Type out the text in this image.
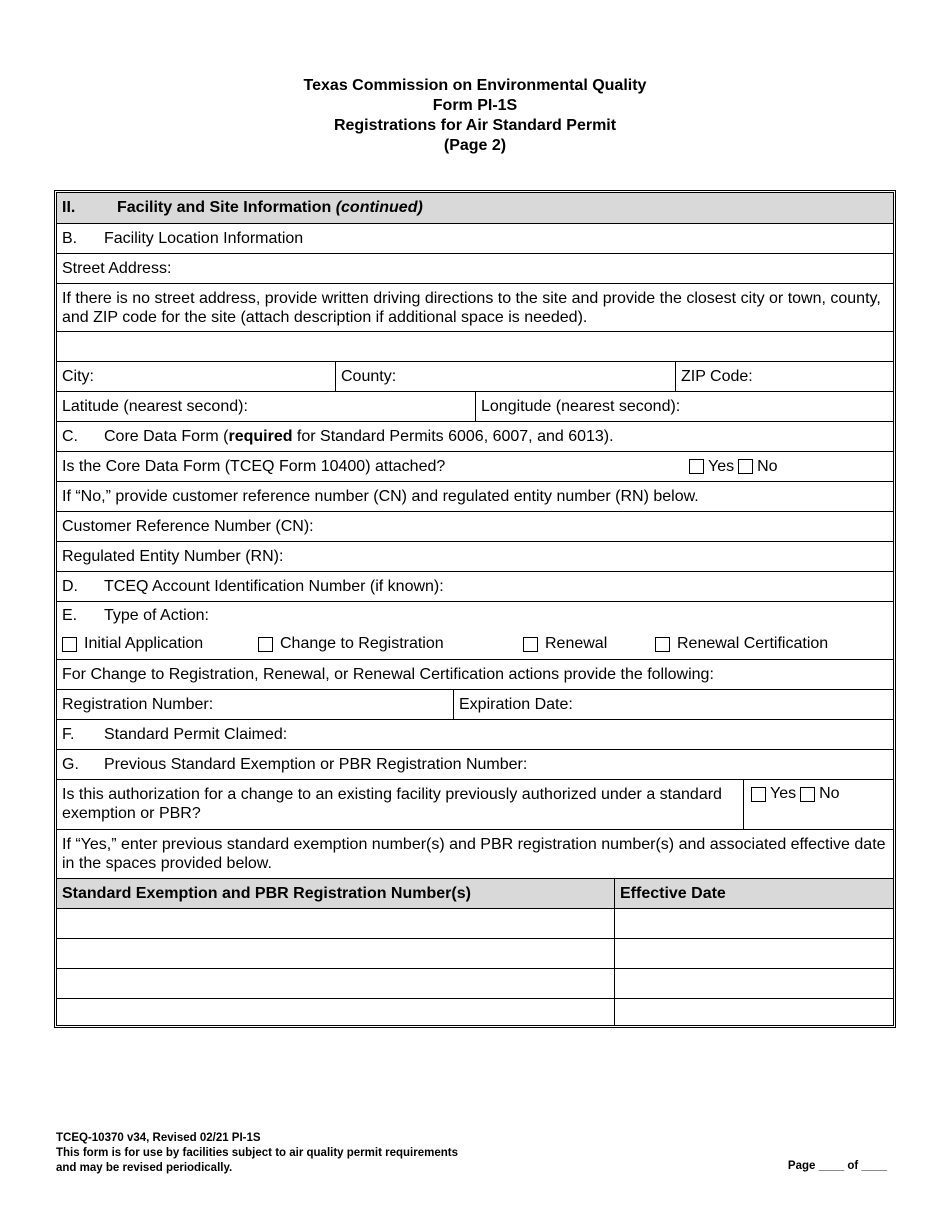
Texas Commission on Environmental Quality
Form PI-1S
Registrations for Air Standard Permit
(Page 2)
II.	Facility and Site Information
(continued)
B.	Facility Location Information
Street Address:
If there is no street address, provide written driving directions to the site and provide the closest city or town, county, and ZIP code for the site (attach description if additional space is needed).
City:	County:	ZIP Code:
Latitude (nearest second):	Longitude (nearest second):
C.	Core Data Form ( required for Standard Permits 6006, 6007, and 6013).
Is the Core Data Form (TCEQ Form 10400) attached?	Yes No
If “No,” provide customer reference number (CN) and regulated entity number (RN) below.
Customer Reference Number (CN):
Regulated Entity Number (RN):
D.	TCEQ Account Identification Number (if known):
E.	Type of Action:
Initial Application	Change to Registration	Renewal	Renewal Certification
For Change to Registration, Renewal, or Renewal Certification actions provide the following:
Registration Number:	Expiration Date:
F.	Standard Permit Claimed:
G.	Previous Standard Exemption or PBR Registration Number:
Is this authorization for a change to an existing facility previously authorized under a standard exemption or PBR?
Yes No
If “Yes,” enter previous standard exemption number(s) and PBR registration number(s) and associated effective date in the spaces provided below.
Standard Exemption and PBR Registration Number(s)	Effective Date
TCEQ-10370 v34, Revised 02/21 PI-1S
This form is for use by facilities subject to air quality permit requirements
and may be revised periodically.	Page ____ of ____
